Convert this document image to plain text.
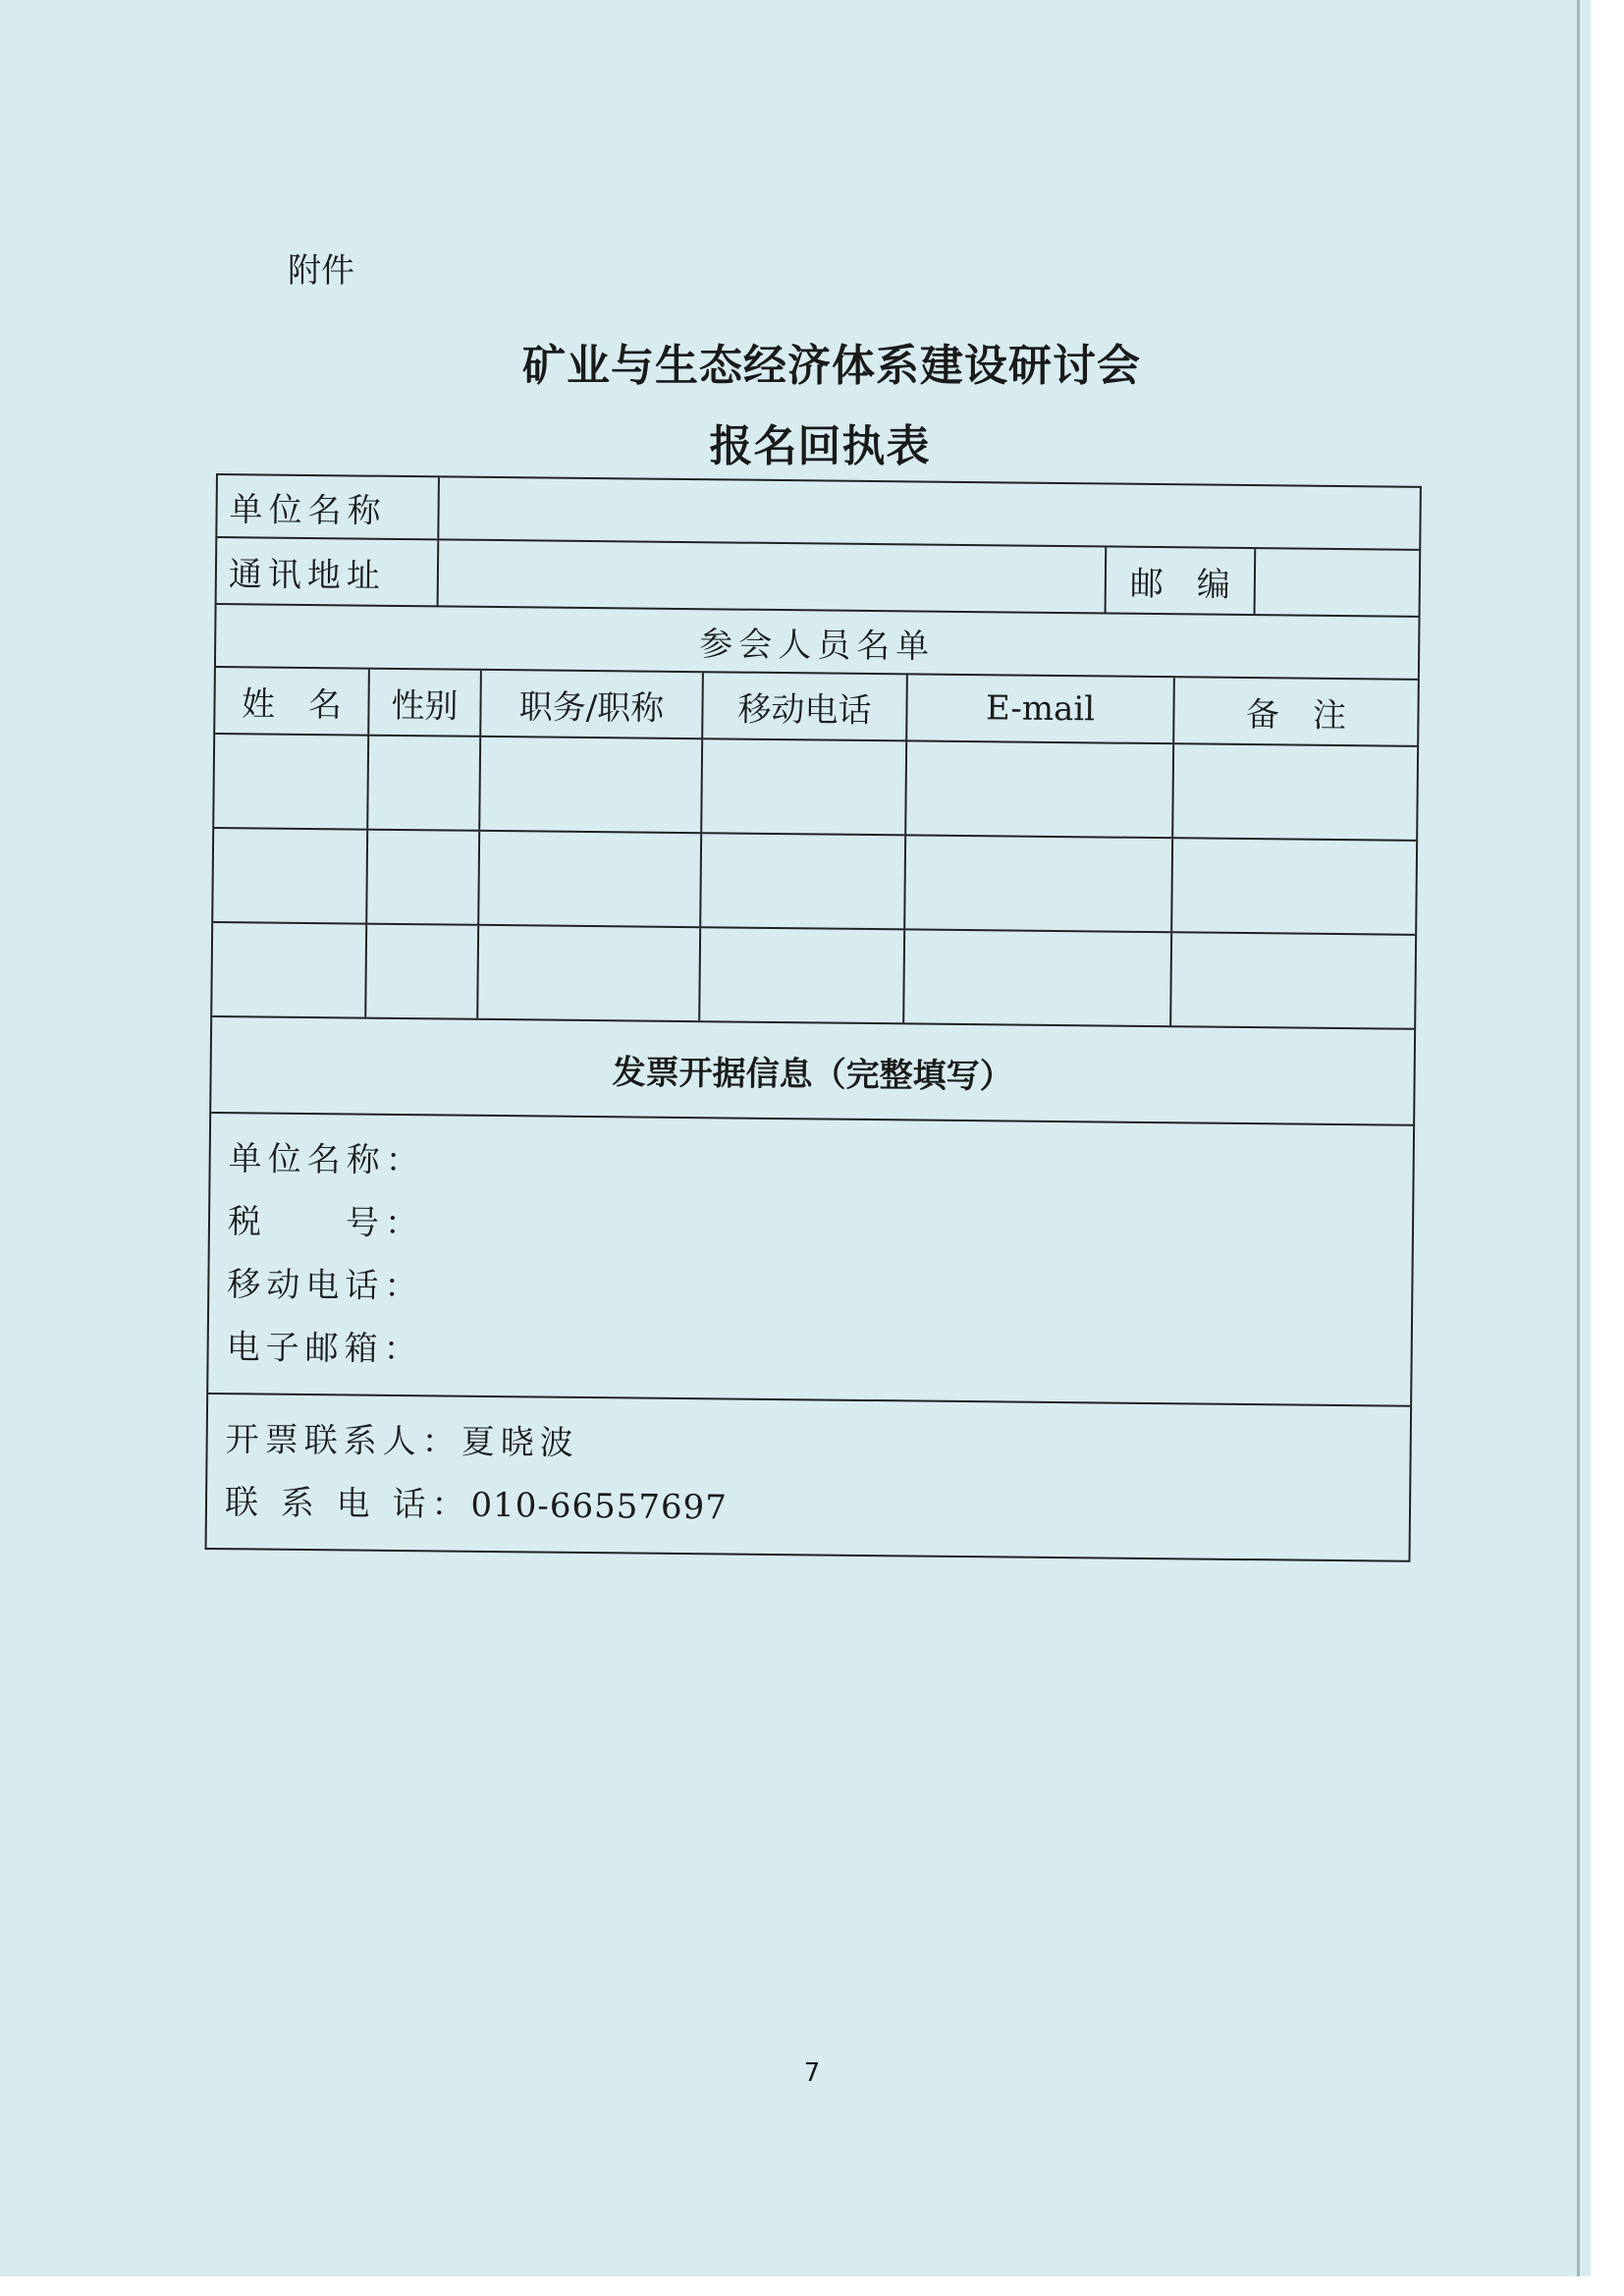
附件
矿业与生态经济体系建设研讨会
报名回执表
单位名称
通讯地址	邮　编
参会人员名单
姓　名	性别	职务/职称	移动电话	E-mail	备　注
发票开据信息（完整填写）
单位名称：
税　　号：
移动电话：
电子邮箱：
开票联系人：夏晓波
联 系 电 话：010-66557697
7
